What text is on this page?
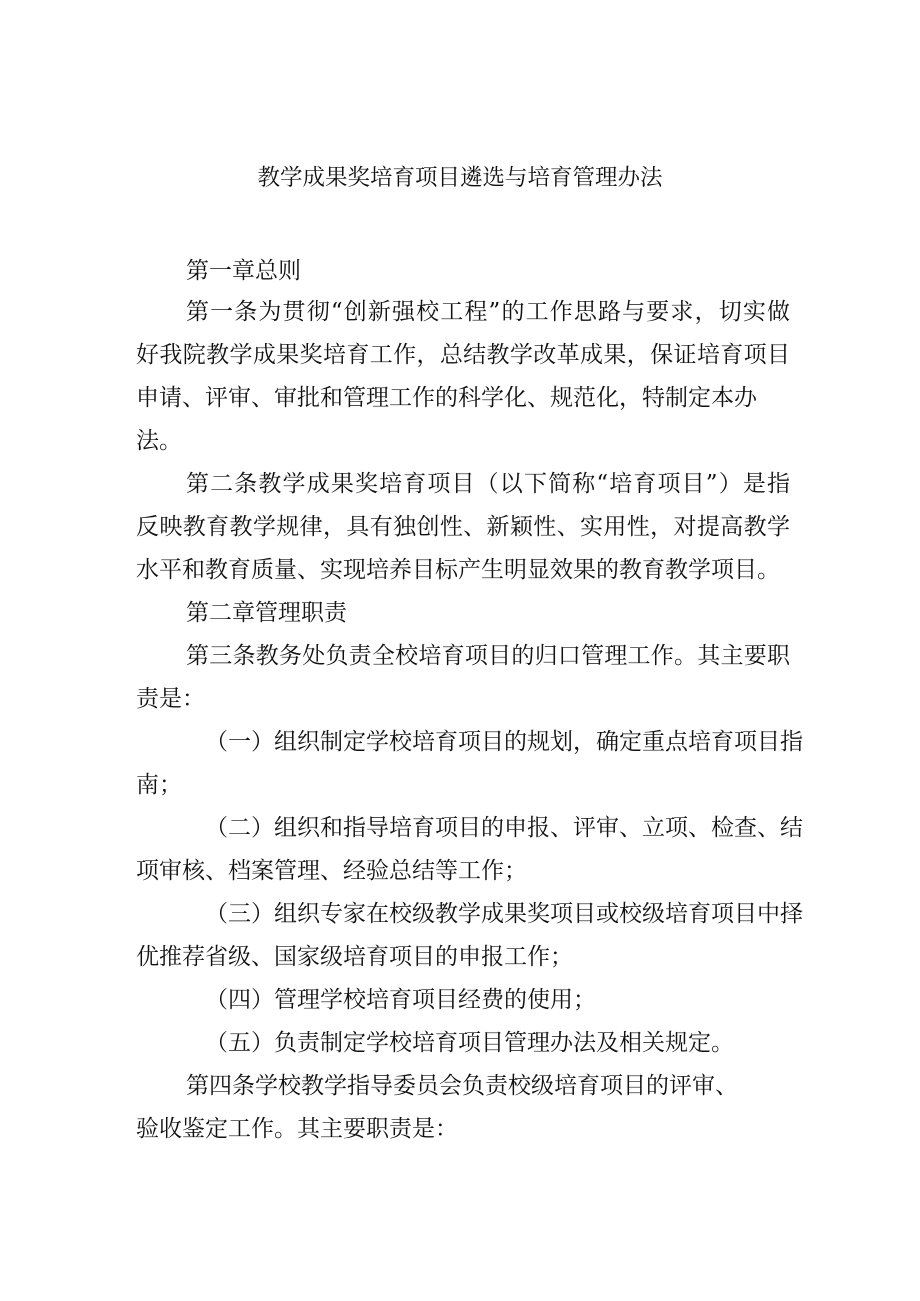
教学成果奖培育项目遴选与培育管理办法
第一章总则
第一条为贯彻“创新强校工程”的工作思路与要求，切实做
好我院教学成果奖培育工作，总结教学改革成果，保证培育项目
申请、评审、审批和管理工作的科学化、规范化，特制定本办
法。
第二条教学成果奖培育项目（以下简称“培育项目”）是指
反映教育教学规律，具有独创性、新颖性、实用性，对提高教学
水平和教育质量、实现培养目标产生明显效果的教育教学项目。
第二章管理职责
第三条教务处负责全校培育项目的归口管理工作。其主要职
责是：
（一）组织制定学校培育项目的规划，确定重点培育项目指
南；
（二）组织和指导培育项目的申报、评审、立项、检查、结
项审核、档案管理、经验总结等工作；
（三）组织专家在校级教学成果奖项目或校级培育项目中择
优推荐省级、国家级培育项目的申报工作；
（四）管理学校培育项目经费的使用；
（五）负责制定学校培育项目管理办法及相关规定。
第四条学校教学指导委员会负责校级培育项目的评审、
验收鉴定工作。其主要职责是：
